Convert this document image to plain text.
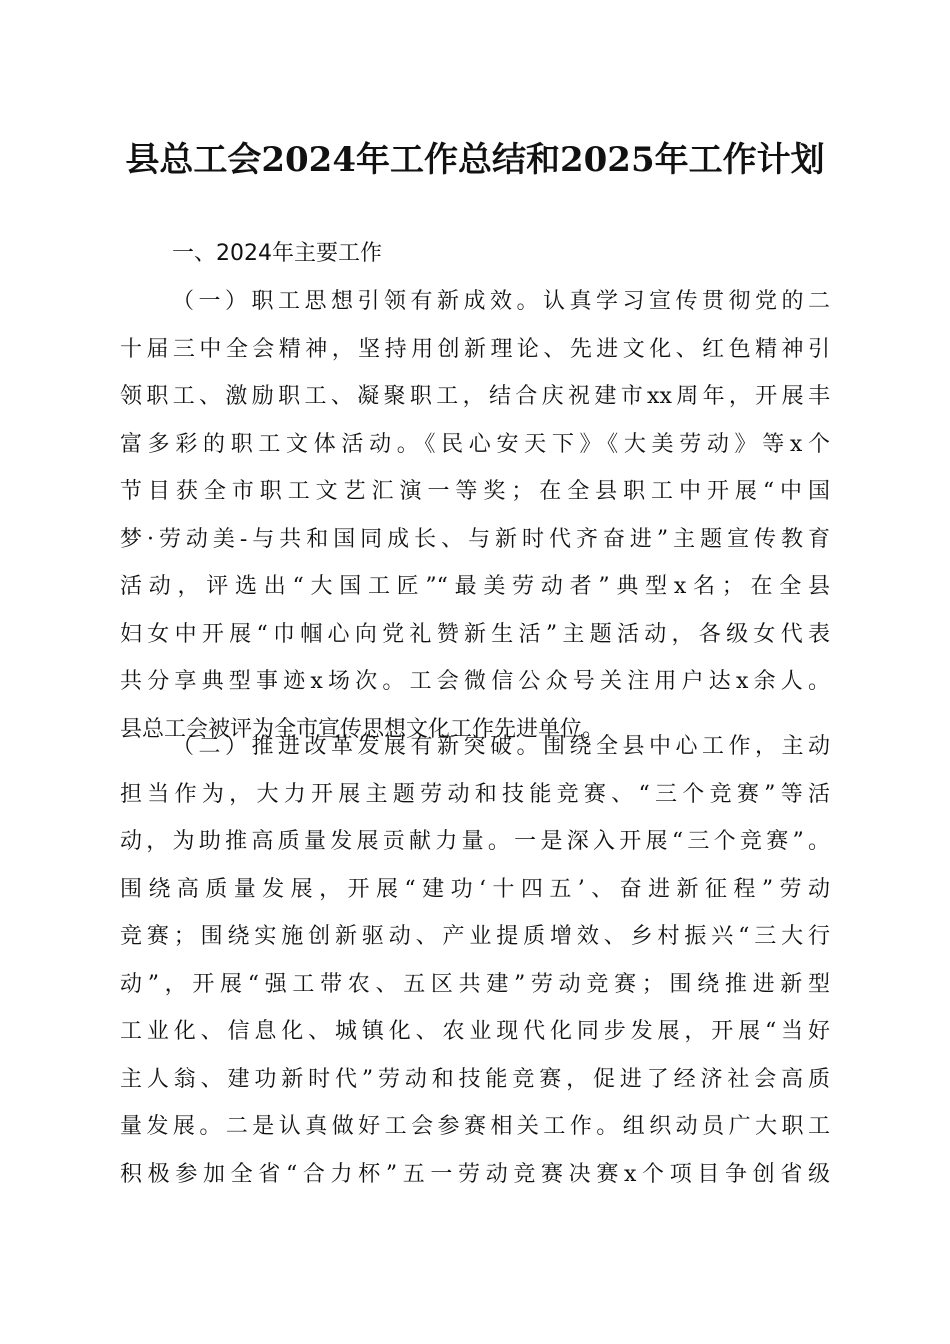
县总工会2024年工作总结和2025年工作计划
一、2024年主要工作
（一）职工思想引领有新成效。认真学习宣传贯彻党的二
十届三中全会精神，坚持用创新理论、先进文化、红色精神引
领职工、激励职工、凝聚职工，结合庆祝建市xx周年，开展丰
富多彩的职工文体活动。《民心安天下》《大美劳动》等x个
节目获全市职工文艺汇演一等奖；在全县职工中开展“中国
梦·劳动美-与共和国同成长、与新时代齐奋进”主题宣传教育
活动，评选出“大国工匠”“最美劳动者”典型x名；在全县
妇女中开展“巾帼心向党礼赞新生活”主题活动，各级女代表
共分享典型事迹x场次。工会微信公众号关注用户达x余人。
县总工会被评为全市宣传思想文化工作先进单位。
（二）推进改革发展有新突破。围绕全县中心工作，主动
担当作为，大力开展主题劳动和技能竞赛、“三个竞赛”等活
动，为助推高质量发展贡献力量。一是深入开展“三个竞赛”。
围绕高质量发展，开展“建功‘十四五’、奋进新征程”劳动
竞赛；围绕实施创新驱动、产业提质增效、乡村振兴“三大行
动”，开展“强工带农、五区共建”劳动竞赛；围绕推进新型
工业化、信息化、城镇化、农业现代化同步发展，开展“当好
主人翁、建功新时代”劳动和技能竞赛，促进了经济社会高质
量发展。二是认真做好工会参赛相关工作。组织动员广大职工
积极参加全省“合力杯”五一劳动竞赛决赛x个项目争创省级
